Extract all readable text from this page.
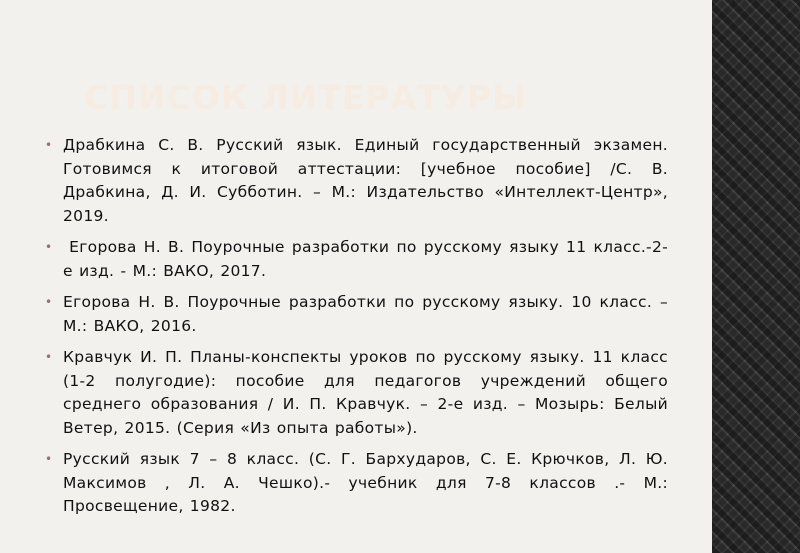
СПИСОК ЛИТЕРАТУРЫ
• Драбкина С. В. Русский язык. Единый государственный экзамен. Готовимся к итоговой аттестации: [учебное пособие] /С. В. Драбкина, Д. И. Субботин. – М.: Издательство «Интеллект-Центр», 2019.
• Егорова Н. В. Поурочные разработки по русскому языку 11 класс.-2-е изд. - М.: ВАКО, 2017.
• Егорова Н. В. Поурочные разработки по русскому языку. 10 класс. – М.: ВАКО, 2016.
• Кравчук И. П. Планы-конспекты уроков по русскому языку. 11 класс (1-2 полугодие): пособие для педагогов учреждений общего среднего образования / И. П. Кравчук. – 2-е изд. – Мозырь: Белый Ветер, 2015. (Серия «Из опыта работы»).
• Русский язык 7 – 8 класс. (С. Г. Бархударов, С. Е. Крючков, Л. Ю. Максимов , Л. А. Чешко).- учебник для 7-8 классов .- М.: Просвещение, 1982.
